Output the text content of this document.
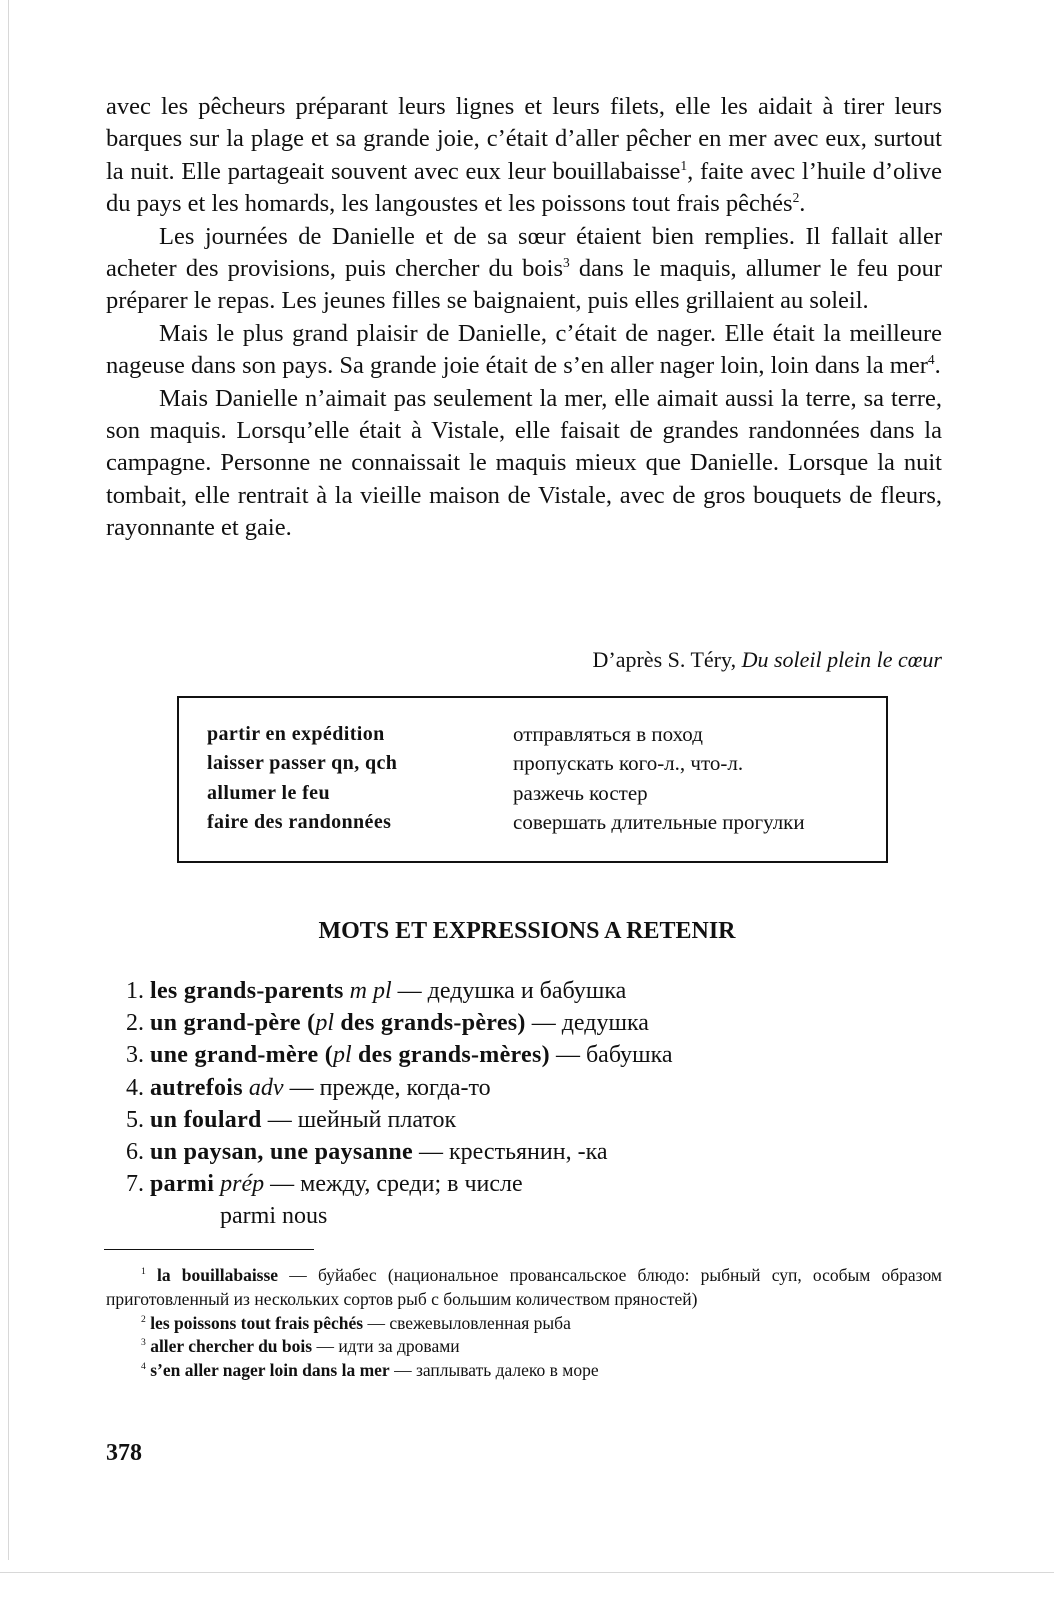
avec les pêcheurs préparant leurs lignes et leurs filets, elle les aidait à tirer leurs barques sur la plage et sa grande joie, c’était d’aller pêcher en mer avec eux, surtout la nuit. Elle partageait souvent avec eux leur bouillabaisse$^1$, faite avec l’huile d’olive du pays et les homards, les langoustes et les poissons tout frais pêchés$^2$.

Les journées de Danielle et de sa sœur étaient bien remplies. Il fallait aller acheter des provisions, puis chercher du bois$^3$ dans le maquis, allumer le feu pour préparer le repas. Les jeunes filles se baignaient, puis elles grillaient au soleil.

Mais le plus grand plaisir de Danielle, c’était de nager. Elle était la meilleure nageuse dans son pays. Sa grande joie était de s’en aller nager loin, loin dans la mer$^4$.

Mais Danielle n’aimait pas seulement la mer, elle aimait aussi la terre, sa terre, son maquis. Lorsqu’elle était à Vistale, elle faisait de grandes randonnées dans la campagne. Personne ne connaissait le maquis mieux que Danielle. Lorsque la nuit tombait, elle rentrait à la vieille maison de Vistale, avec de gros bouquets de fleurs, rayonnante et gaie.

D’après S. Téry, Du soleil plein le cœur
partir en expédition	отправляться в поход
laisser passer qn, qch	пропускать кого-л., что-л.
allumer le feu	разжечь костер
faire des randonnées	совершать длительные прогулки
MOTS ET EXPRESSIONS A RETENIR
1. les grands-parents m pl — дедушка и бабушка
2. un grand-père (pl des grands-pères) — дедушка
3. une grand-mère (pl des grands-mères) — бабушка
4. autrefois adv — прежде, когда-то
5. un foulard — шейный платок
6. un paysan, une paysanne — крестьянин, -ка
7. parmi prép — между, среди; в числе
parmi nous

$^1$ la bouillabaisse — буйабес (национальное провансальское блюдо: рыбный суп, особым образом приготовленный из нескольких сортов рыб с большим количеством пряностей)

$^2$ les poissons tout frais pêchés — свежевыловленная рыба

$^3$ aller chercher du bois — идти за дровами

$^4$ s’en aller nager loin dans la mer — заплывать далеко в море

378
